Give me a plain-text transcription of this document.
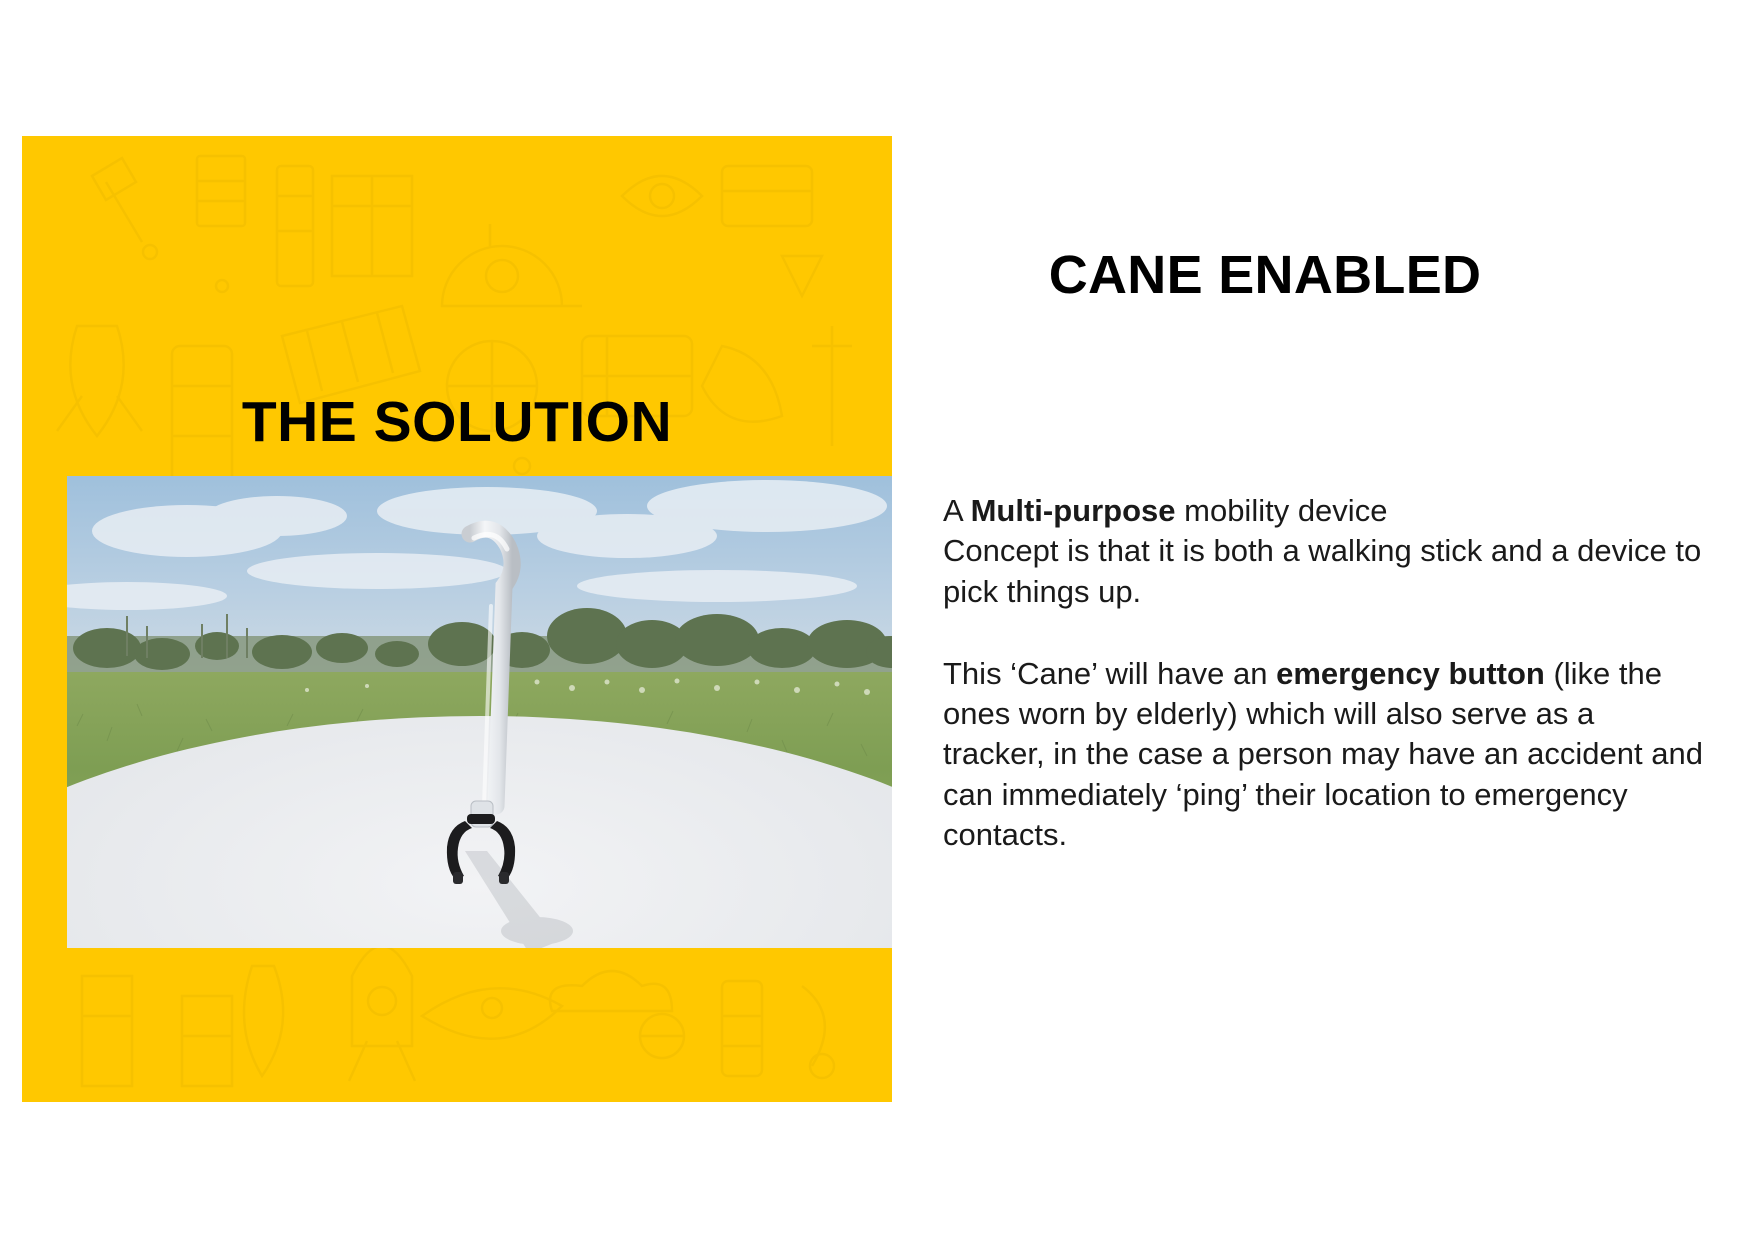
THE SOLUTION
CANE ENABLED

A Multi-purpose mobility device

Concept is that it is both a walking stick and a device to pick things up.

This ‘Cane’ will have an emergency button (like the ones worn by elderly) which will also serve as a tracker, in the case a person may have an accident and can immediately ‘ping’ their location to emergency contacts.
